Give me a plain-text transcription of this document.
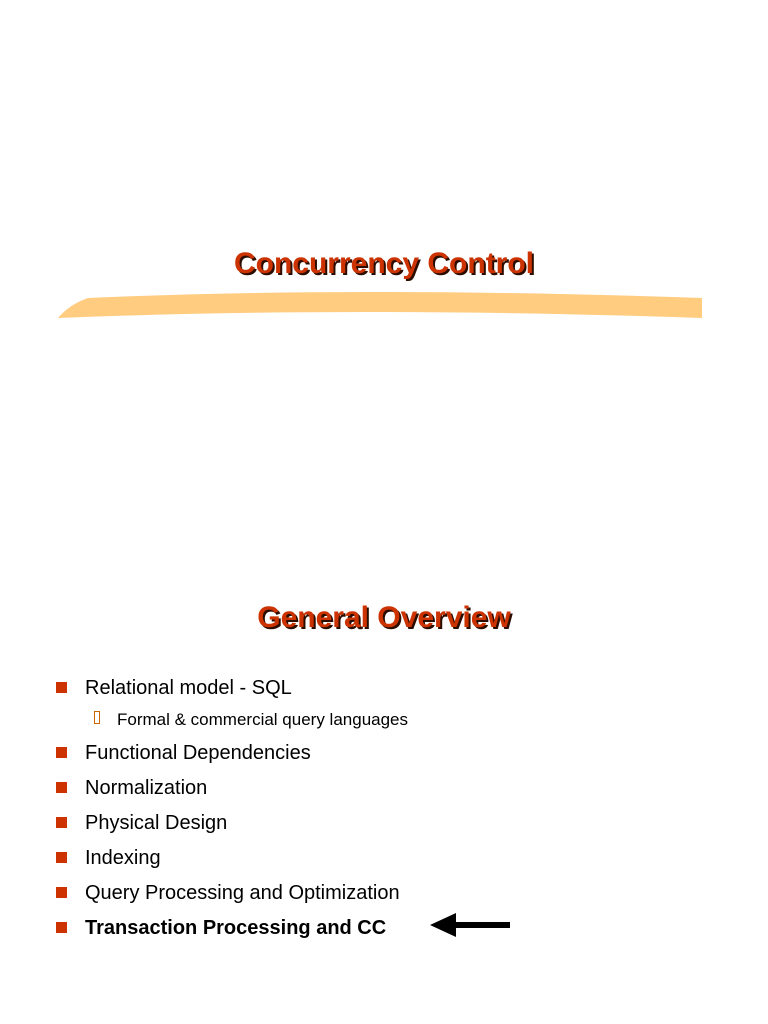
Concurrency Control
General Overview
Relational model - SQL
Formal & commercial query languages
Functional Dependencies
Normalization
Physical Design
Indexing
Query Processing and Optimization
Transaction Processing and CC
